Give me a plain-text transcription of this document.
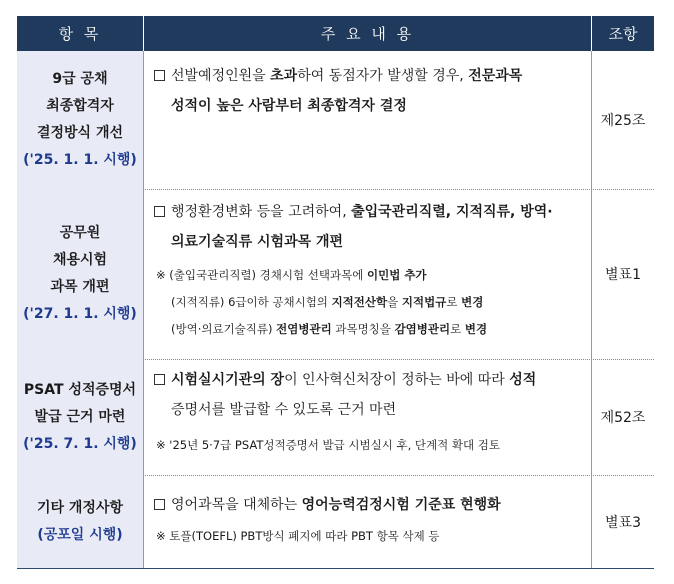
항 목	주 요 내 용	조항
9급 공채
최종합격자
결정방식 개선
('25. 1. 1. 시행)
선발예정인원을 초과하여 동점자가 발생할 경우, 전문과목
성적이 높은 사람부터 최종합격자 결정
제25조
공무원
채용시험
과목 개편
('27. 1. 1. 시행)
행정환경변화 등을 고려하여, 출입국관리직렬, 지적직류, 방역·
의료기술직류 시험과목 개편
※ (출입국관리직렬) 경채시험 선택과목에 이민법 추가
(지적직류) 6급이하 공채시험의 지적전산학을 지적법규로 변경
(방역·의료기술직류) 전염병관리 과목명칭을 감염병관리로 변경
별표1
PSAT 성적증명서
발급 근거 마련
('25. 7. 1. 시행)
시험실시기관의 장이 인사혁신처장이 정하는 바에 따라 성적
증명서를 발급할 수 있도록 근거 마련
※ '25년 5·7급 PSAT성적증명서 발급 시범실시 후, 단계적 확대 검토
제52조
기타 개정사항
(공포일 시행)
영어과목을 대체하는 영어능력검정시험 기준표 현행화
※ 토플(TOEFL) PBT방식 폐지에 따라 PBT 항목 삭제 등
별표3
